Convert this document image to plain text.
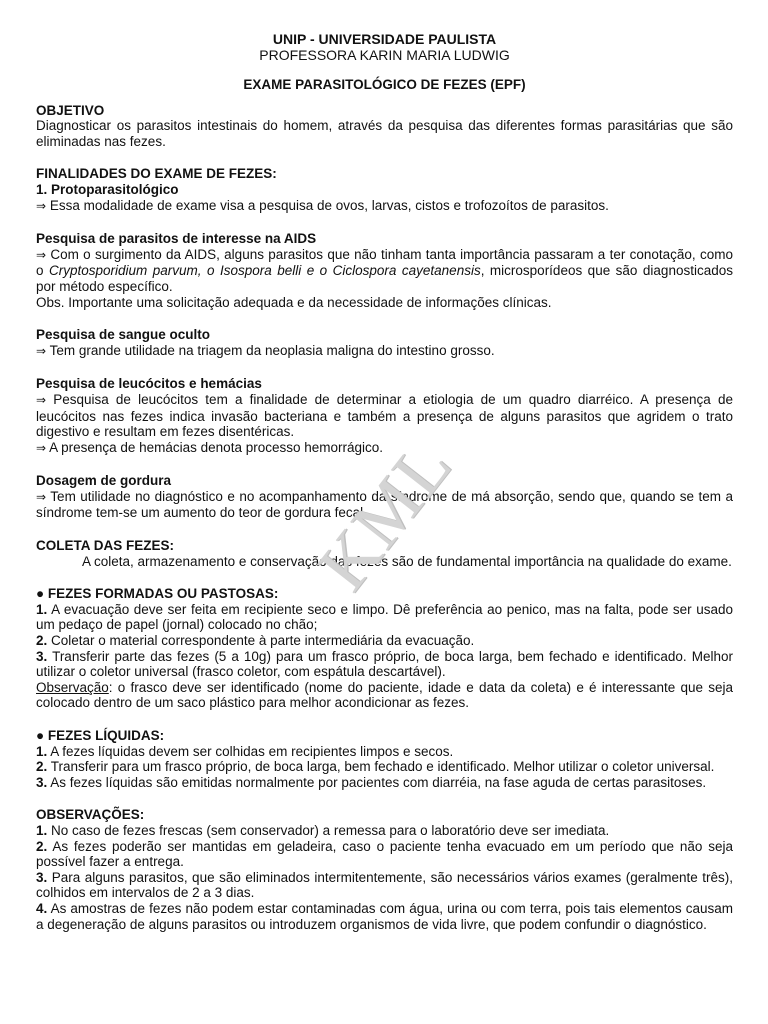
UNIP - UNIVERSIDADE PAULISTA
PROFESSORA KARIN MARIA LUDWIG
EXAME PARASITOLÓGICO DE FEZES (EPF)
OBJETIVO
Diagnosticar os parasitos intestinais do homem, através da pesquisa das diferentes formas parasitárias que são eliminadas nas fezes.
FINALIDADES DO EXAME DE FEZES:
1. Protoparasitológico
⇒ Essa modalidade de exame visa a pesquisa de ovos, larvas, cistos e trofozoítos de parasitos.
Pesquisa de parasitos de interesse na AIDS
⇒ Com o surgimento da AIDS, alguns parasitos que não tinham tanta importância passaram a ter conotação, como o Cryptosporidium parvum, o Isospora belli e o Ciclospora cayetanensis, microsporídeos que são diagnosticados por método específico.
Obs. Importante uma solicitação adequada e da necessidade de informações clínicas.
Pesquisa de sangue oculto
⇒ Tem grande utilidade na triagem da neoplasia maligna do intestino grosso.
Pesquisa de leucócitos e hemácias
⇒ Pesquisa de leucócitos tem a finalidade de determinar a etiologia de um quadro diarréico. A presença de leucócitos nas fezes indica invasão bacteriana e também a presença de alguns parasitos que agridem o trato digestivo e resultam em fezes disentéricas.
⇒ A presença de hemácias denota processo hemorrágico.
Dosagem de gordura
⇒ Tem utilidade no diagnóstico e no acompanhamento da síndrome de má absorção, sendo que, quando se tem a síndrome tem-se um aumento do teor de gordura fecal.
COLETA DAS FEZES:
A coleta, armazenamento e conservação das fezes são de fundamental importância na qualidade do exame.
● FEZES FORMADAS OU PASTOSAS:
1. A evacuação deve ser feita em recipiente seco e limpo. Dê preferência ao penico, mas na falta, pode ser usado um pedaço de papel (jornal) colocado no chão;
2. Coletar o material correspondente à parte intermediária da evacuação.
3. Transferir parte das fezes (5 a 10g) para um frasco próprio, de boca larga, bem fechado e identificado. Melhor utilizar o coletor universal (frasco coletor, com espátula descartável).
Observação: o frasco deve ser identificado (nome do paciente, idade e data da coleta) e é interessante que seja colocado dentro de um saco plástico para melhor acondicionar as fezes.
● FEZES LÍQUIDAS:
1. A fezes líquidas devem ser colhidas em recipientes limpos e secos.
2. Transferir para um frasco próprio, de boca larga, bem fechado e identificado. Melhor utilizar o coletor universal.
3. As fezes líquidas são emitidas normalmente por pacientes com diarréia, na fase aguda de certas parasitoses.
OBSERVAÇÕES:
1. No caso de fezes frescas (sem conservador) a remessa para o laboratório deve ser imediata.
2. As fezes poderão ser mantidas em geladeira, caso o paciente tenha evacuado em um período que não seja possível fazer a entrega.
3. Para alguns parasitos, que são eliminados intermitentemente, são necessários vários exames (geralmente três), colhidos em intervalos de 2 a 3 dias.
4. As amostras de fezes não podem estar contaminadas com água, urina ou com terra, pois tais elementos causam a degeneração de alguns parasitos ou introduzem organismos de vida livre, que podem confundir o diagnóstico.
KML
